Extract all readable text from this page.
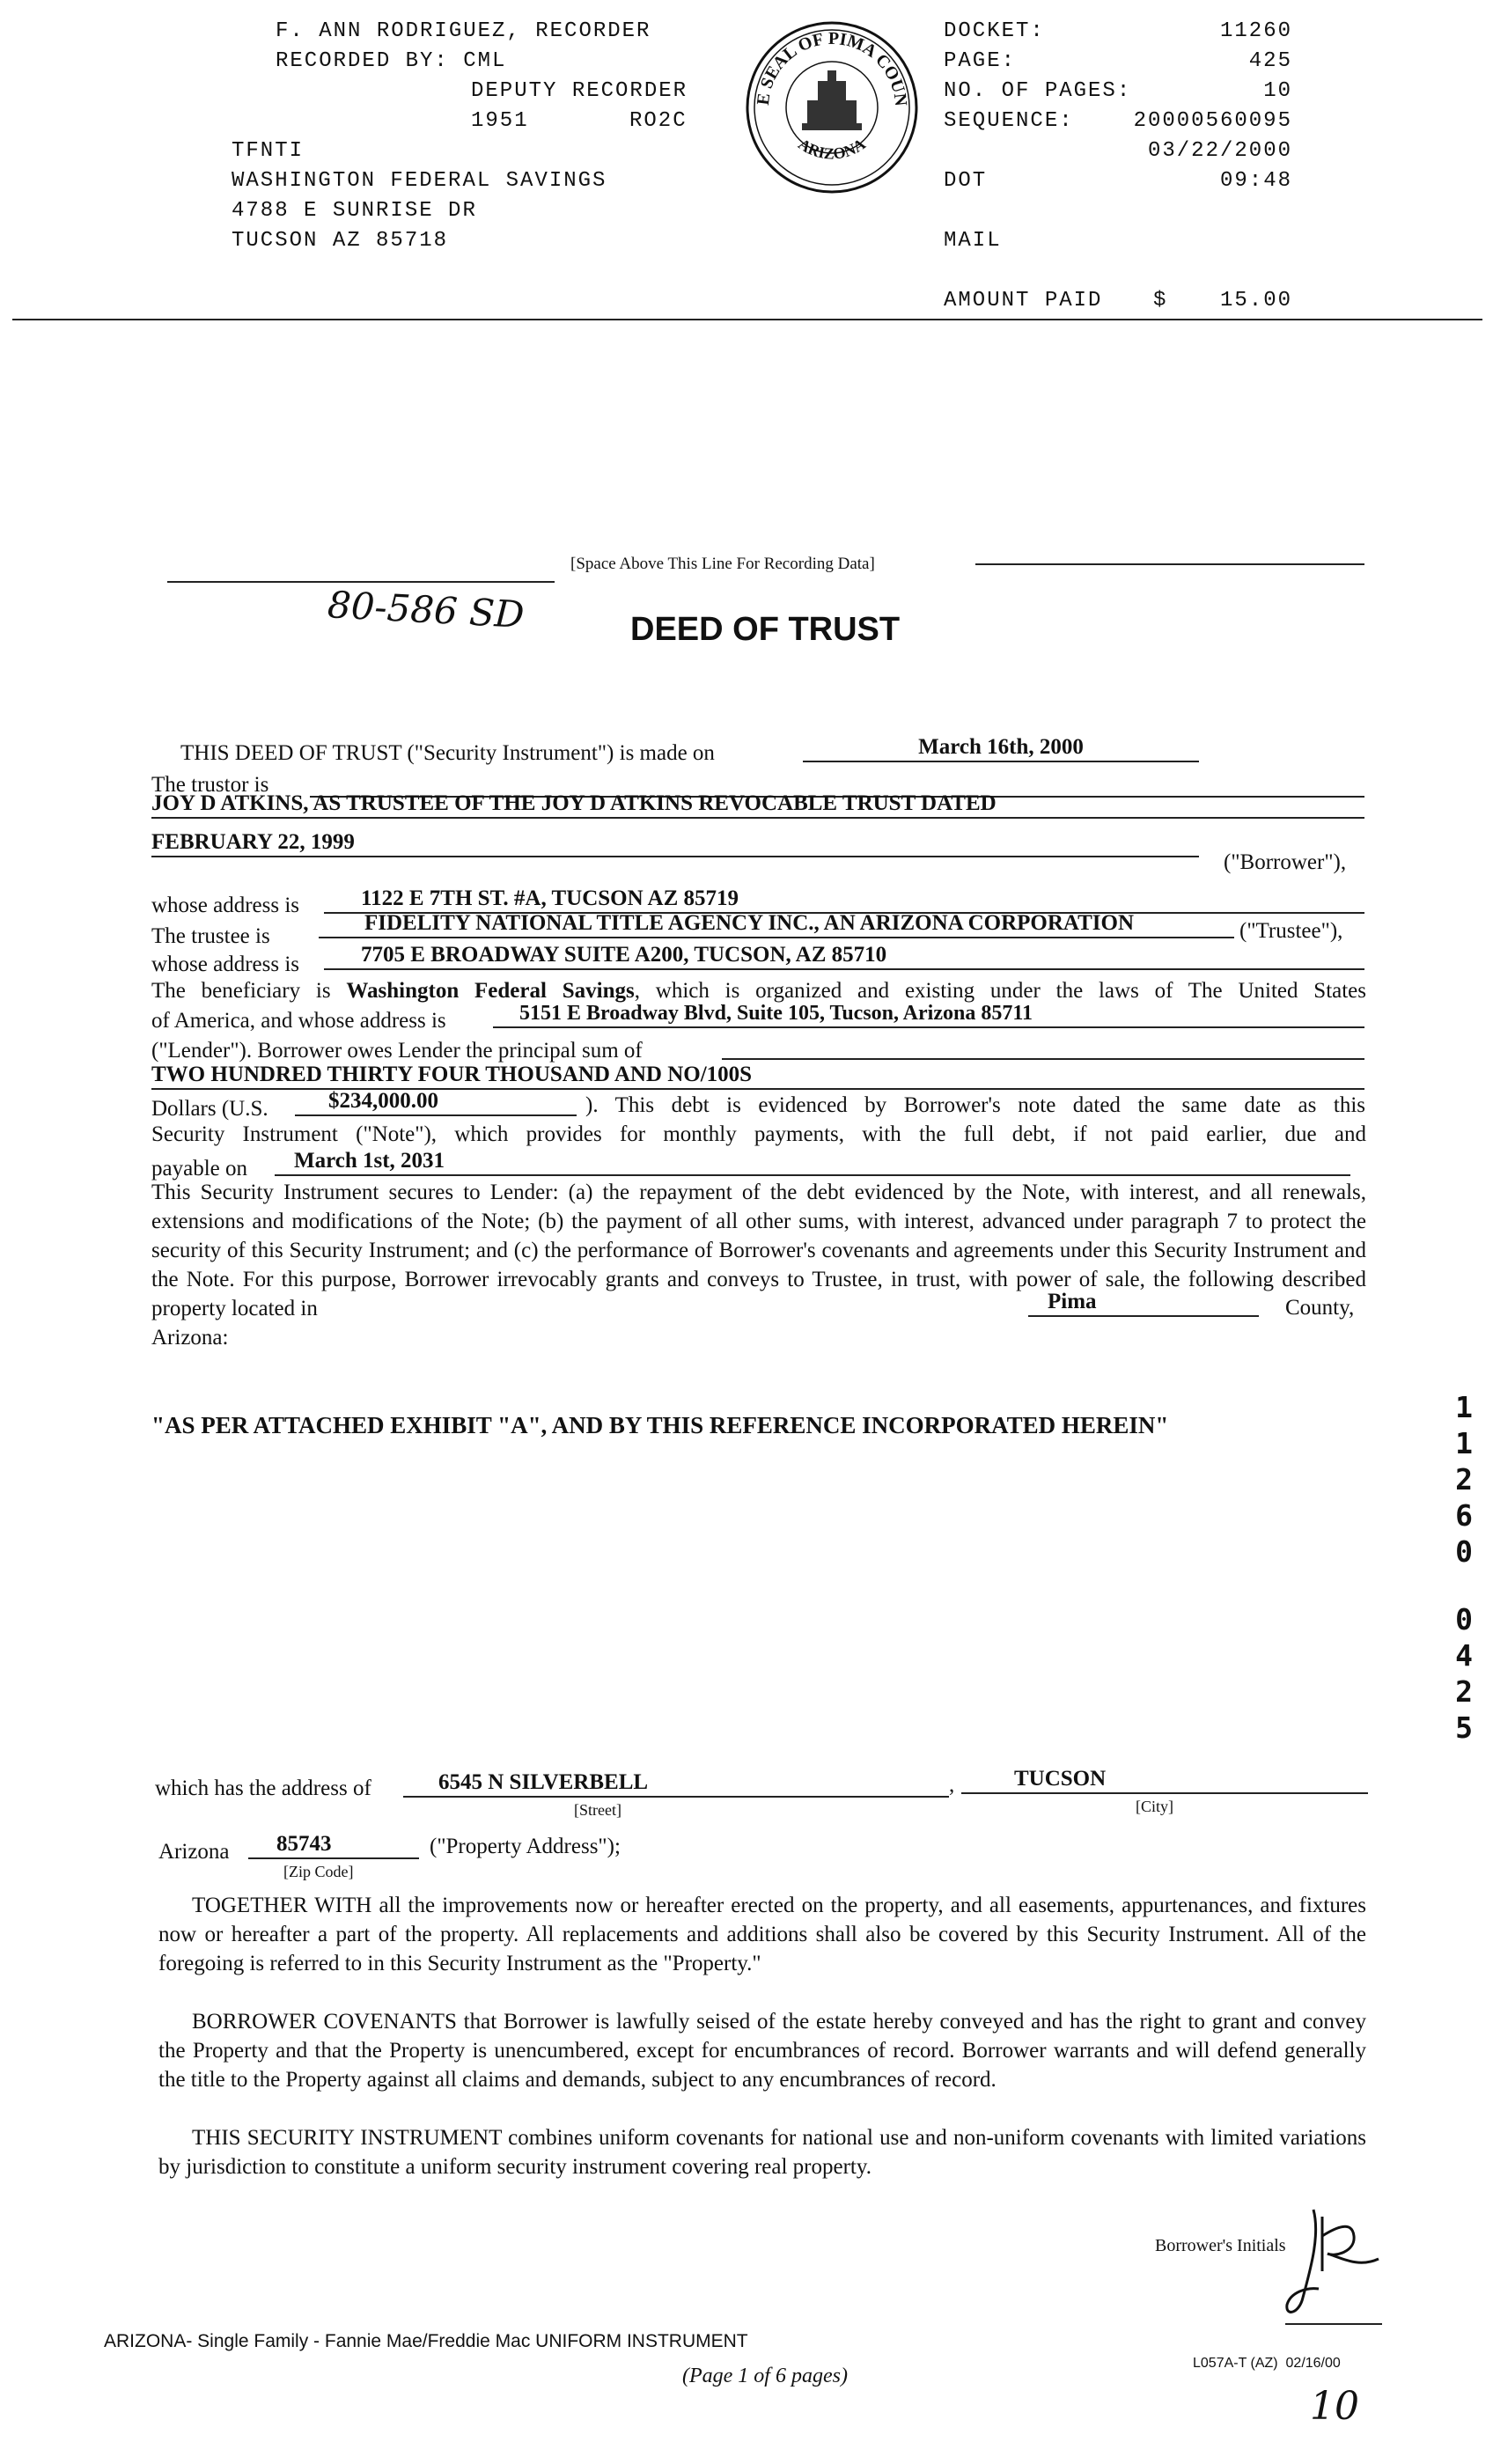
F. ANN RODRIGUEZ, RECORDER
RECORDED BY: CML
DEPUTY RECORDER
1951	RO2C
TFNTI
WASHINGTON FEDERAL SAVINGS
4788 E SUNRISE DR
TUCSON AZ 85718
E SEAL OF PIMA COUN
ARIZONA
DOCKET:	11260
PAGE:	425
NO. OF PAGES:	10
SEQUENCE:	20000560095
03/22/2000
DOT	09:48
MAIL
AMOUNT PAID $ 15.00
[Space Above This Line For Recording Data]
80-586 SD	DEED OF TRUST
THIS DEED OF TRUST ("Security Instrument") is made on	March 16th, 2000
The trustor is
JOY D ATKINS, AS TRUSTEE OF THE JOY D ATKINS REVOCABLE TRUST DATED
FEBRUARY 22, 1999
("Borrower"),
whose address is	1122 E 7TH ST. #A, TUCSON AZ 85719
The trustee is
FIDELITY NATIONAL TITLE AGENCY INC., AN ARIZONA CORPORATION	("Trustee"),
whose address is	7705 E BROADWAY SUITE A200, TUCSON, AZ 85710
The beneficiary is Washington Federal Savings, which is organized and existing under the laws of The United States
of America, and whose address is	5151 E Broadway Blvd, Suite 105, Tucson, Arizona 85711
("Lender"). Borrower owes Lender the principal sum of
TWO HUNDRED THIRTY FOUR THOUSAND AND NO/100S
Dollars (U.S.	$234,000.00	). This debt is evidenced by Borrower's note dated the same date as this
Security Instrument ("Note"), which provides for monthly payments, with the full debt, if not paid earlier, due and
payable on	March 1st, 2031
This Security Instrument secures to Lender: (a) the repayment of the debt evidenced by the Note, with interest, and all renewals, extensions and modifications of the Note; (b) the payment of all other sums, with interest, advanced under paragraph 7 to protect the security of this Security Instrument; and (c) the performance of Borrower's covenants and agreements under this Security Instrument and the Note. For this purpose, Borrower irrevocably grants and conveys to Trustee, in trust, with power of sale, the following described property located in	Pima	County,
Arizona:
"AS PER ATTACHED EXHIBIT "A", AND BY THIS REFERENCE INCORPORATED HEREIN"
which has the address of	6545 N SILVERBELL
[Street]
,	TUCSON
[City]
Arizona	85743
[Zip Code]
("Property Address");
TOGETHER WITH all the improvements now or hereafter erected on the property, and all easements, appurtenances, and fixtures now or hereafter a part of the property. All replacements and additions shall also be covered by this Security Instrument. All of the foregoing is referred to in this Security Instrument as the "Property."
BORROWER COVENANTS that Borrower is lawfully seised of the estate hereby conveyed and has the right to grant and convey the Property and that the Property is unencumbered, except for encumbrances of record. Borrower warrants and will defend generally the title to the Property against all claims and demands, subject to any encumbrances of record.
THIS SECURITY INSTRUMENT combines uniform covenants for national use and non-uniform covenants with limited variations by jurisdiction to constitute a uniform security instrument covering real property.
Borrower's Initials
1
1
2
6
0
0
4
2
5
ARIZONA- Single Family - Fannie Mae/Freddie Mac UNIFORM INSTRUMENT
(Page 1 of 6 pages)
L057A-T (AZ)  02/16/00
10
